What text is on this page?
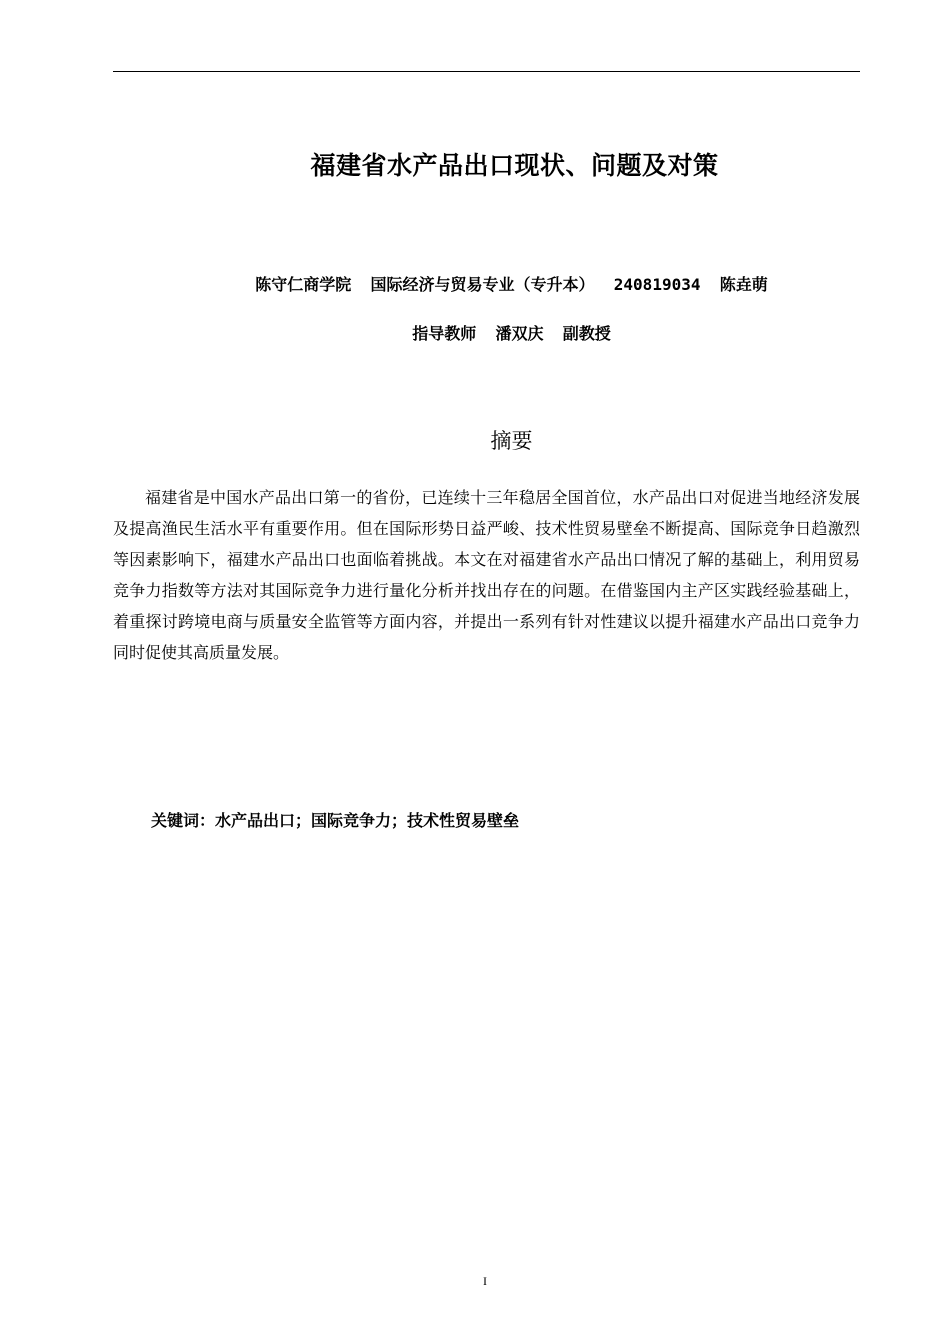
福建省水产品出口现状、问题及对策
陈守仁商学院  国际经济与贸易专业（专升本）  240819034  陈垚萌
指导教师  潘双庆  副教授
摘要

福建省是中国水产品出口第一的省份，已连续十三年稳居全国首位，水产品出口对促进当地经济发展及提高渔民生活水平有重要作用。但在国际形势日益严峻、技术性贸易壁垒不断提高、国际竞争日趋激烈等因素影响下，福建水产品出口也面临着挑战。本文在对福建省水产品出口情况了解的基础上，利用贸易竞争力指数等方法对其国际竞争力进行量化分析并找出存在的问题。在借鉴国内主产区实践经验基础上，着重探讨跨境电商与质量安全监管等方面内容，并提出一系列有针对性建议以提升福建水产品出口竞争力同时促使其高质量发展。

关键词：水产品出口；国际竞争力；技术性贸易壁垒
I
